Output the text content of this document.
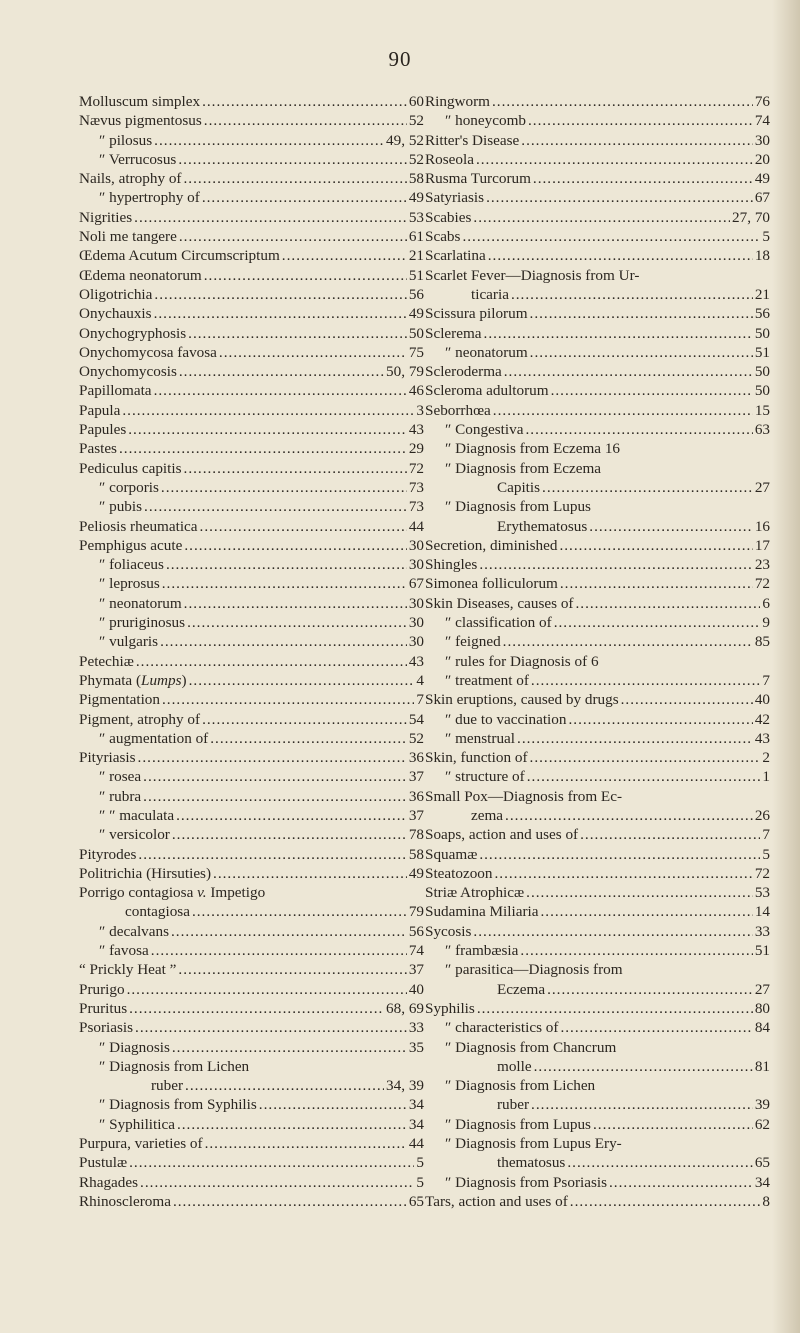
90
Molluscum simplex .....	60
Nævus pigmentosus .....	52
″ pilosus .....	49, 52
″ Verrucosus .....	52
Nails, atrophy of .....	58
″ hypertrophy of .....	49
Nigrities .....	53
Noli me tangere .....	61
Œdema Acutum Circumscriptum .....	21
Œdema neonatorum .....	51
Oligotrichia .....	56
Onychauxis .....	49
Onychogryphosis .....	50
Onychomycosa favosa .....	75
Onychomycosis .....	50, 79
Papillomata .....	46
Papula .....	3
Papules .....	43
Pastes .....	29
Pediculus capitis .....	72
″ corporis .....	73
″ pubis .....	73
Peliosis rheumatica .....	44
Pemphigus acute .....	30
″ foliaceus .....	30
″ leprosus .....	67
″ neonatorum .....	30
″ pruriginosus .....	30
″ vulgaris .....	30
Petechiæ .....	43
Phymata (Lumps) .....	4
Pigmentation .....	7
Pigment, atrophy of .....	54
″ augmentation of .....	52
Pityriasis .....	36
″ rosea .....	37
″ rubra .....	36
″ ″ maculata .....	37
″ versicolor .....	78
Pityrodes .....	58
Politrichia (Hirsuties) .....	49
Porrigo contagiosa v. Impetigo
contagiosa .....	79
″ decalvans .....	56
″ favosa .....	74
“ Prickly Heat ” .....	37
Prurigo .....	40
Pruritus .....	68, 69
Psoriasis .....	33
″ Diagnosis .....	35
″ Diagnosis from Lichen
ruber .....	34, 39
″ Diagnosis from Syphilis .....	34
″ Syphilitica .....	34
Purpura, varieties of .....	44
Pustulæ .....	5
Rhagades .....	5
Rhinoscleroma .....	65
Ringworm .....	76
″ honeycomb .....	74
Ritter's Disease .....	30
Roseola .....	20
Rusma Turcorum .....	49
Satyriasis .....	67
Scabies .....	27, 70
Scabs .....	5
Scarlatina .....	18
Scarlet Fever—Diagnosis from Ur-
ticaria .....	21
Scissura pilorum .....	56
Sclerema .....	50
″ neonatorum .....	51
Scleroderma .....	50
Scleroma adultorum .....	50
Seborrhœa .....	15
″ Congestiva .....	63
″ Diagnosis from Eczema 16
″ Diagnosis from Eczema
Capitis .....	27
″ Diagnosis from Lupus
Erythematosus .....	16
Secretion, diminished .....	17
Shingles .....	23
Simonea folliculorum .....	72
Skin Diseases, causes of .....	6
″ classification of .....	9
″ feigned .....	85
″ rules for Diagnosis of 6
″ treatment of .....	7
Skin eruptions, caused by drugs .....	40
″ due to vaccination .....	42
″ menstrual .....	43
Skin, function of .....	2
″ structure of .....	1
Small Pox—Diagnosis from Ec-
zema .....	26
Soaps, action and uses of .....	7
Squamæ .....	5
Steatozoon .....	72
Striæ Atrophicæ .....	53
Sudamina Miliaria .....	14
Sycosis .....	33
″ frambæsia .....	51
″ parasitica—Diagnosis from
Eczema .....	27
Syphilis .....	80
″ characteristics of .....	84
″ Diagnosis from Chancrum
molle .....	81
″ Diagnosis from Lichen
ruber .....	39
″ Diagnosis from Lupus .....	62
″ Diagnosis from Lupus Ery-
thematosus .....	65
″ Diagnosis from Psoriasis .....	34
Tars, action and uses of .....	8
